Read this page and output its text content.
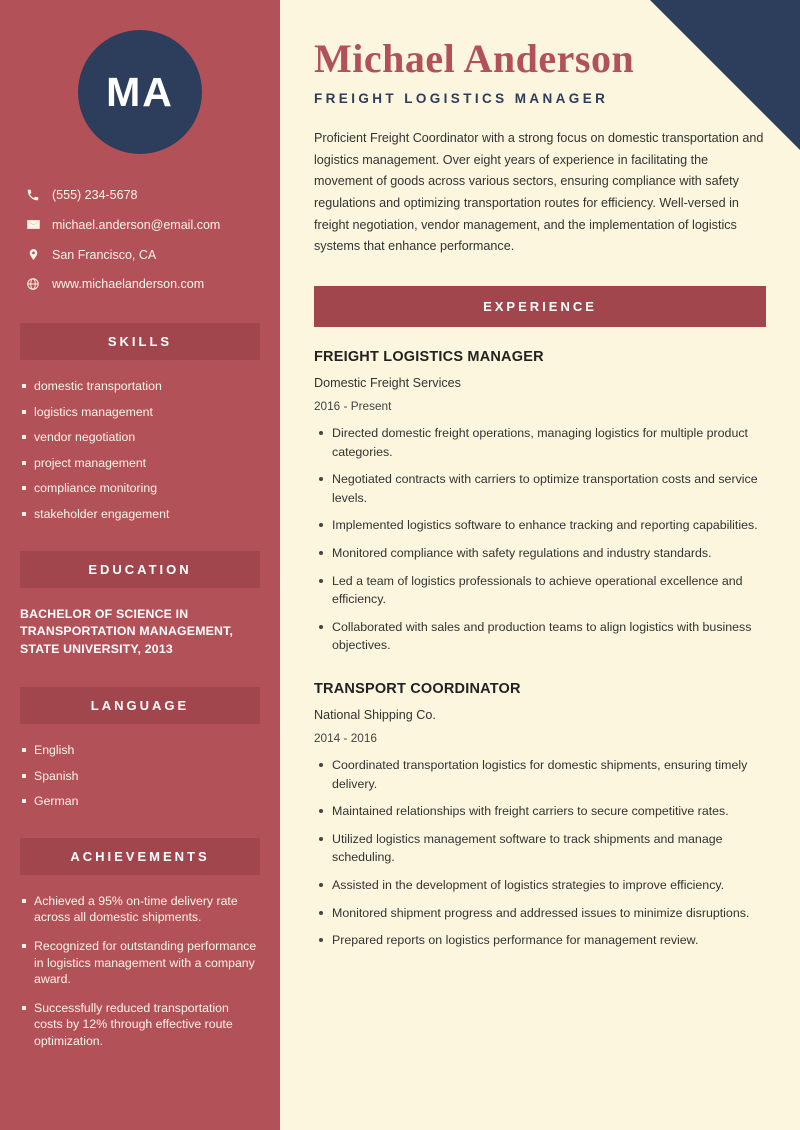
MA
(555) 234-5678
michael.anderson@email.com
San Francisco, CA
www.michaelanderson.com
SKILLS
domestic transportation
logistics management
vendor negotiation
project management
compliance monitoring
stakeholder engagement
EDUCATION
BACHELOR OF SCIENCE IN TRANSPORTATION MANAGEMENT, STATE UNIVERSITY, 2013
LANGUAGE
English
Spanish
German
ACHIEVEMENTS
Achieved a 95% on-time delivery rate across all domestic shipments.
Recognized for outstanding performance in logistics management with a company award.
Successfully reduced transportation costs by 12% through effective route optimization.
Michael Anderson
FREIGHT LOGISTICS MANAGER

Proficient Freight Coordinator with a strong focus on domestic transportation and logistics management. Over eight years of experience in facilitating the movement of goods across various sectors, ensuring compliance with safety regulations and optimizing transportation routes for efficiency. Well-versed in freight negotiation, vendor management, and the implementation of logistics systems that enhance performance.

EXPERIENCE
FREIGHT LOGISTICS MANAGER
Domestic Freight Services
2016 - Present
Directed domestic freight operations, managing logistics for multiple product categories.
Negotiated contracts with carriers to optimize transportation costs and service levels.
Implemented logistics software to enhance tracking and reporting capabilities.
Monitored compliance with safety regulations and industry standards.
Led a team of logistics professionals to achieve operational excellence and efficiency.
Collaborated with sales and production teams to align logistics with business objectives.
TRANSPORT COORDINATOR
National Shipping Co.
2014 - 2016
Coordinated transportation logistics for domestic shipments, ensuring timely delivery.
Maintained relationships with freight carriers to secure competitive rates.
Utilized logistics management software to track shipments and manage scheduling.
Assisted in the development of logistics strategies to improve efficiency.
Monitored shipment progress and addressed issues to minimize disruptions.
Prepared reports on logistics performance for management review.
